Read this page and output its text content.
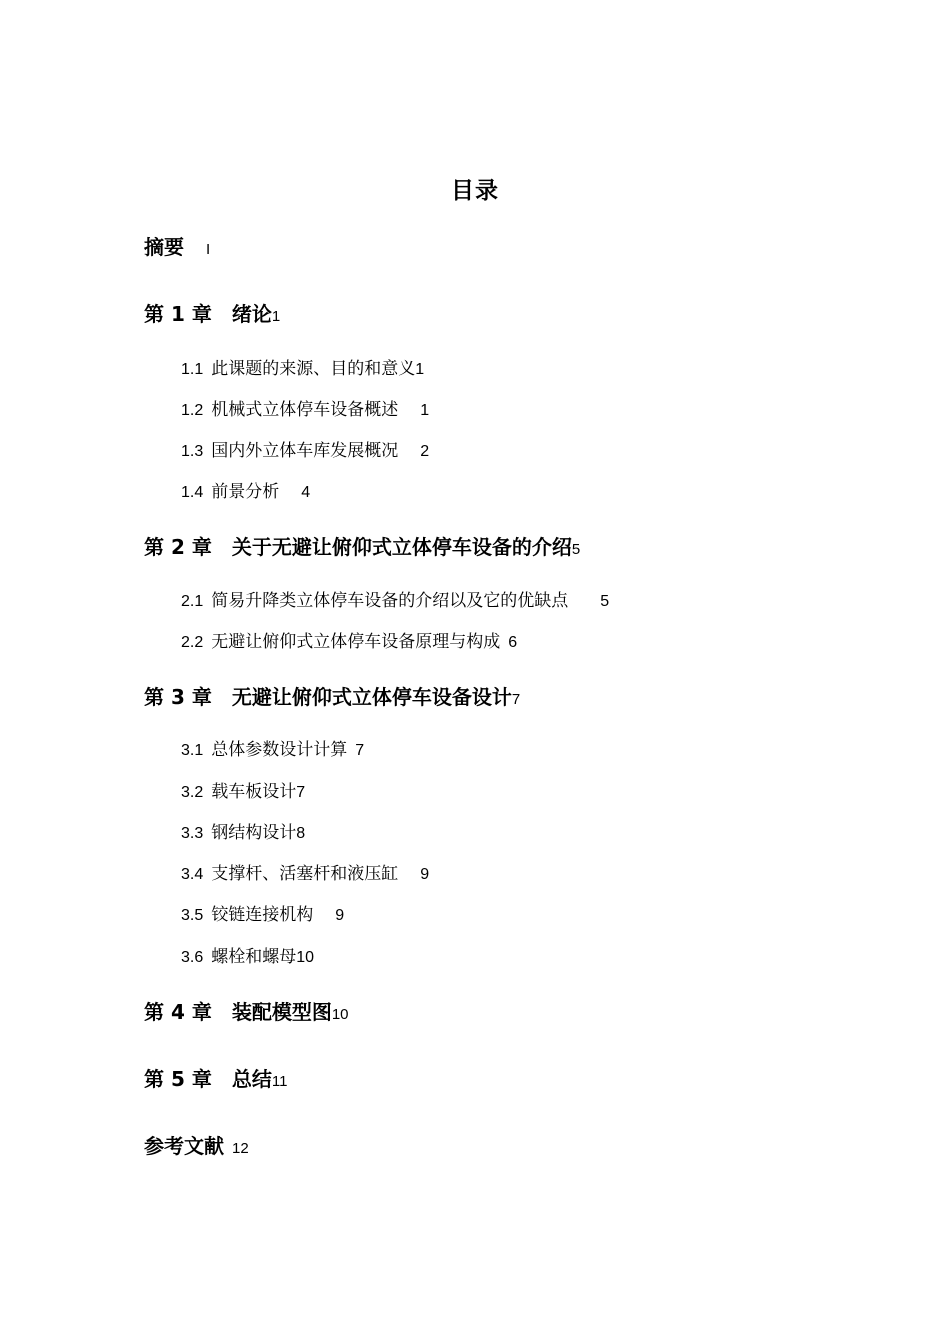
目录
摘要 I
第 1 章　绪论1
1.1 此课题的来源、目的和意义1
1.2 机械式立体停车设备概述 1
1.3 国内外立体车库发展概况 2
1.4 前景分析 4
第 2 章　关于无避让俯仰式立体停车设备的介绍5
2.1 简易升降类立体停车设备的介绍以及它的优缺点 5
2.2 无避让俯仰式立体停车设备原理与构成 6
第 3 章　无避让俯仰式立体停车设备设计7
3.1 总体参数设计计算 7
3.2 载车板设计7
3.3 钢结构设计8
3.4 支撑杆、活塞杆和液压缸 9
3.5 铰链连接机构 9
3.6 螺栓和螺母10
第 4 章　装配模型图10
第 5 章　总结11
参考文献 12
